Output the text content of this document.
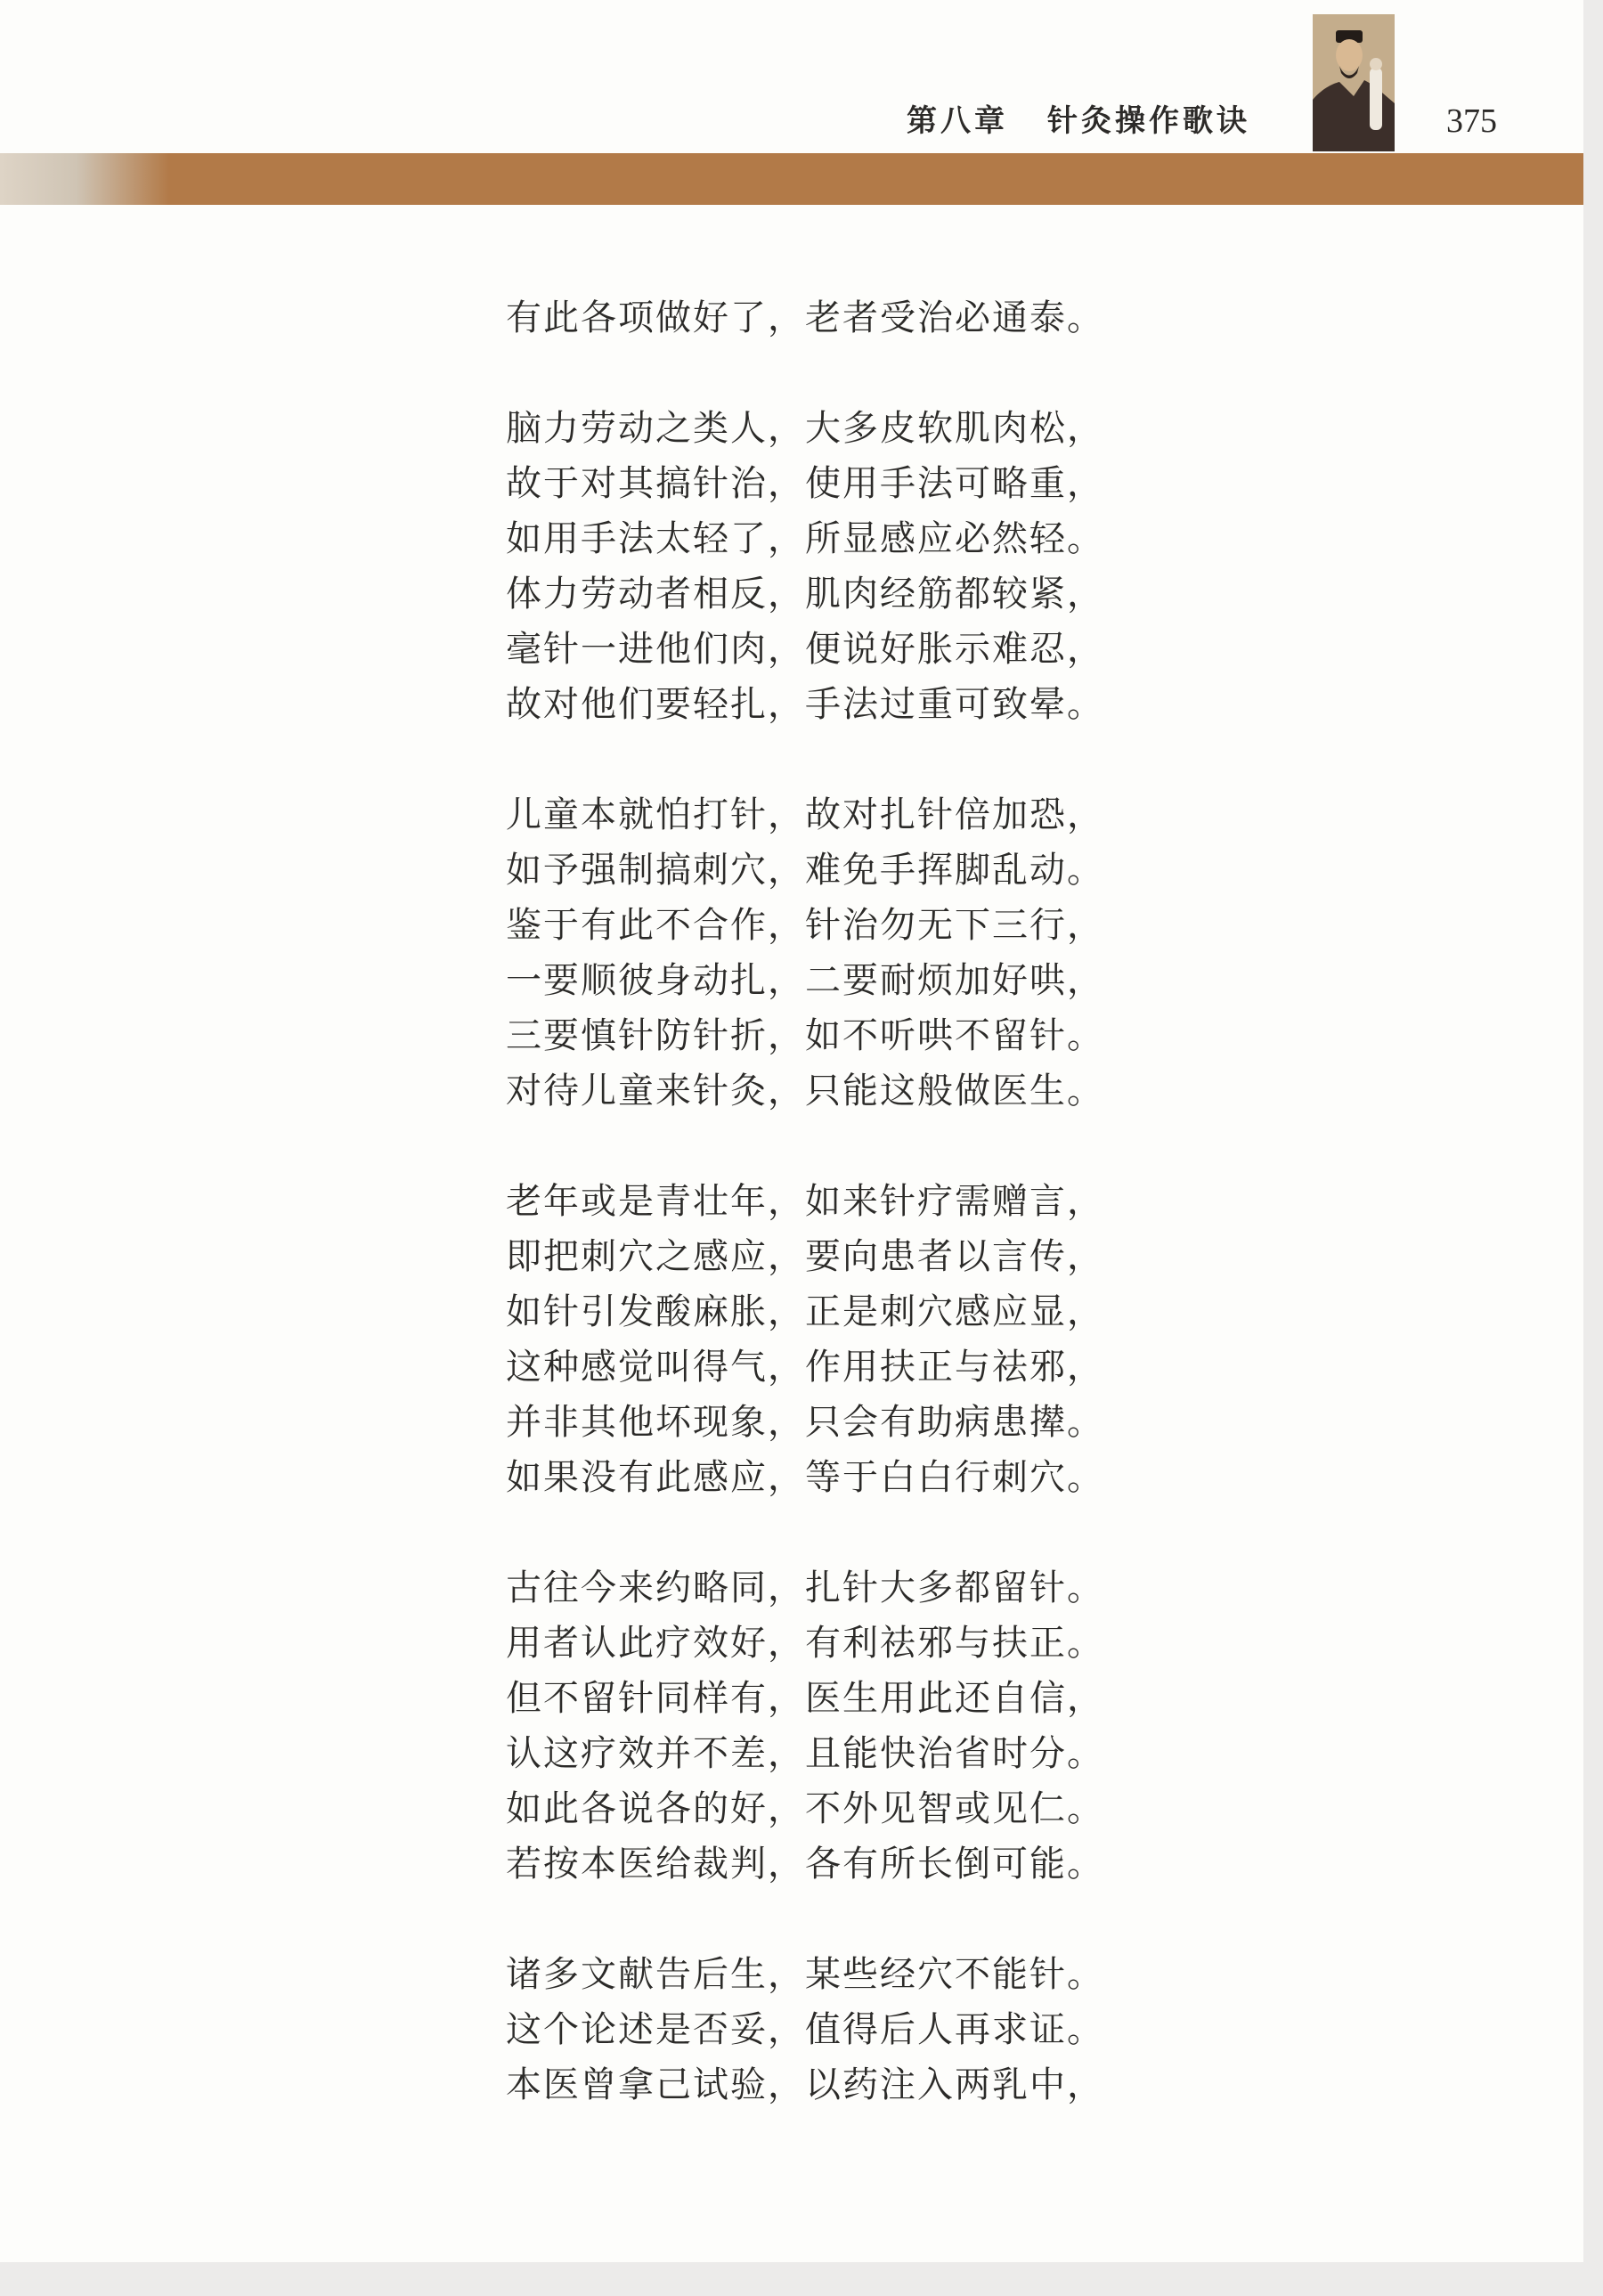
第八章 针灸操作歌诀	375
有此各项做好了，老者受治必通泰。
脑力劳动之类人，大多皮软肌肉松，
故于对其搞针治，使用手法可略重，
如用手法太轻了，所显感应必然轻。
体力劳动者相反，肌肉经筋都较紧，
毫针一进他们肉，便说好胀示难忍，
故对他们要轻扎，手法过重可致晕。
儿童本就怕打针，故对扎针倍加恐，
如予强制搞刺穴，难免手挥脚乱动。
鉴于有此不合作，针治勿无下三行，
一要顺彼身动扎，二要耐烦加好哄，
三要慎针防针折，如不听哄不留针。
对待儿童来针灸，只能这般做医生。
老年或是青壮年，如来针疗需赠言，
即把刺穴之感应，要向患者以言传，
如针引发酸麻胀，正是刺穴感应显，
这种感觉叫得气，作用扶正与祛邪，
并非其他坏现象，只会有助病患撵。
如果没有此感应，等于白白行刺穴。
古往今来约略同，扎针大多都留针。
用者认此疗效好，有利祛邪与扶正。
但不留针同样有，医生用此还自信，
认这疗效并不差，且能快治省时分。
如此各说各的好，不外见智或见仁。
若按本医给裁判，各有所长倒可能。
诸多文献告后生，某些经穴不能针。
这个论述是否妥，值得后人再求证。
本医曾拿己试验，以药注入两乳中，
